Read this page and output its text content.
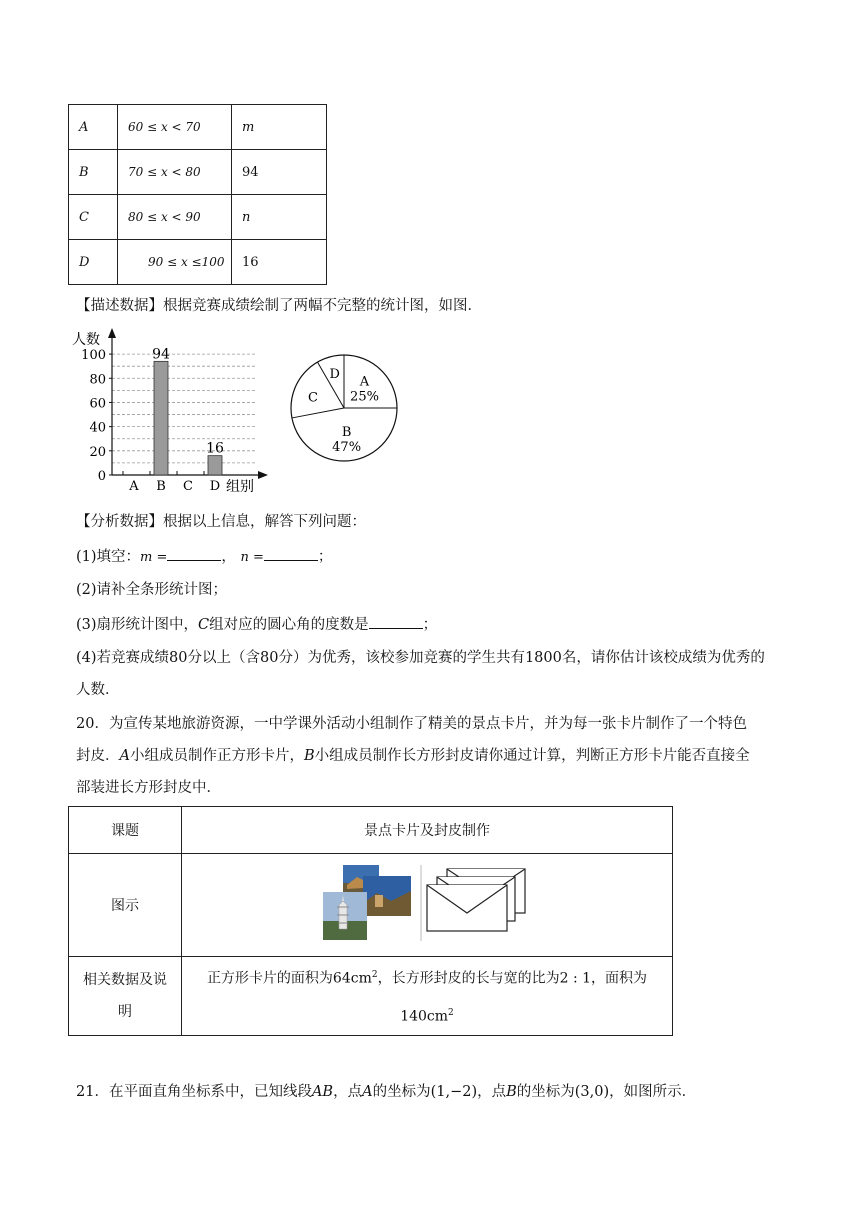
A	60 ≤ x < 70	m
B	70 ≤ x < 80	94
C	80 ≤ x < 90	n
D	90 ≤ x ≤100	16
【描述数据】根据竞赛成绩绘制了两幅不完整的统计图，如图．
0
20
40
60
80
100
A B C D
94
16
人数
组别
A
25%
B
47%
C
D
【分析数据】根据以上信息，解答下列问题：
(1)填空：m =	， n =	；
(2)请补全条形统计图；
(3)扇形统计图中，C组对应的圆心角的度数是	；
(4)若竞赛成绩80分以上（含80分）为优秀，该校参加竞赛的学生共有1800名，请你估计该校成绩为优秀的
人数．
20．为宣传某地旅游资源，一中学课外活动小组制作了精美的景点卡片，并为每一张卡片制作了一个特色
封皮．A小组成员制作正方形卡片，B小组成员制作长方形封皮请你通过计算，判断正方形卡片能否直接全
部装进长方形封皮中．
课题	景点卡片及封皮制作
图示	
相关数据及说
明	正方形卡片的面积为$64cm^2$，长方形封皮的长与宽的比为2 : 1，面积为
$140cm^2$
21．在平面直角坐标系中，已知线段AB，点A的坐标为(1,−2)，点B的坐标为(3,0)，如图所示．
